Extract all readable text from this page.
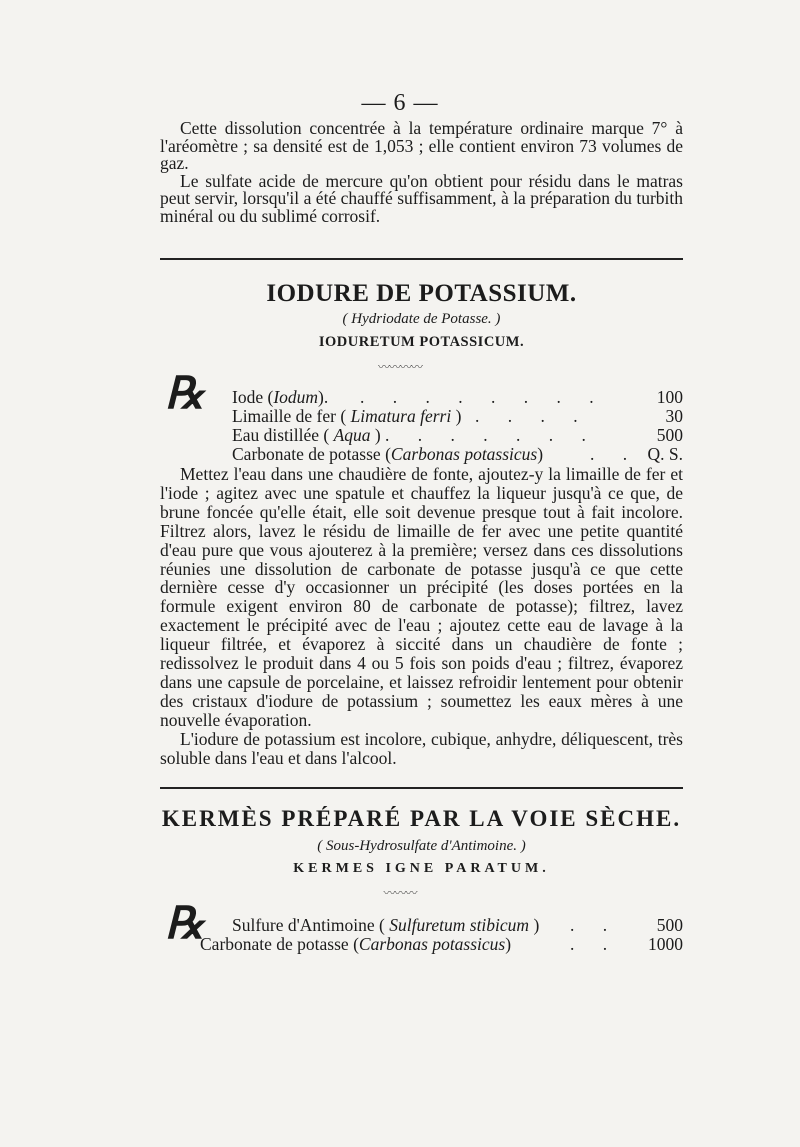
— 6 —

Cette dissolution concentrée à la température ordinaire marque 7° à l'aréomètre ; sa densité est de 1,053 ; elle contient environ 73 volumes de gaz.

Le sulfate acide de mercure qu'on obtient pour résidu dans le matras peut servir, lorsqu'il a été chauffé suffisamment, à la préparation du turbith minéral ou du sublimé corrosif.

IODURE DE POTASSIUM.
( Hydriodate de Potasse. )
IODURETUM POTASSICUM.
〰〰〰〰
℞ Iode (Iodum). . . . . . . . .	100
Limaille de fer ( Limatura ferri ) . . . .	30
Eau distillée ( Aqua ) . . . . . . .	500
Carbonate de potasse (Carbonas potassicus)	. . Q. S.

Mettez l'eau dans une chaudière de fonte, ajoutez-y la limaille de fer et l'iode ; agitez avec une spatule et chauffez la liqueur jusqu'à ce que, de brune foncée qu'elle était, elle soit devenue presque tout à fait incolore. Filtrez alors, lavez le résidu de limaille de fer avec une petite quantité d'eau pure que vous ajouterez à la première; versez dans ces dissolutions réunies une dissolution de carbonate de potasse jusqu'à ce que cette dernière cesse d'y occasionner un précipité (les doses portées en la formule exigent environ 80 de carbonate de potasse); filtrez, lavez exactement le précipité avec de l'eau ; ajoutez cette eau de lavage à la liqueur filtrée, et évaporez à siccité dans un chaudière de fonte ; redissolvez le produit dans 4 ou 5 fois son poids d'eau ; filtrez, évaporez dans une capsule de porcelaine, et laissez refroidir lentement pour obtenir des cristaux d'iodure de potassium ; soumettez les eaux mères à une nouvelle évaporation.

L'iodure de potassium est incolore, cubique, anhydre, déliquescent, très soluble dans l'eau et dans l'alcool.

KERMÈS PRÉPARÉ PAR LA VOIE SÈCHE.
( Sous-Hydrosulfate d'Antimoine. )
KERMES IGNE PARATUM.
〰〰〰
℞ Sulfure d'Antimoine ( Sulfuretum stibicum ) . . 500
Carbonate de potasse (Carbonas potassicus)	. . 1000
